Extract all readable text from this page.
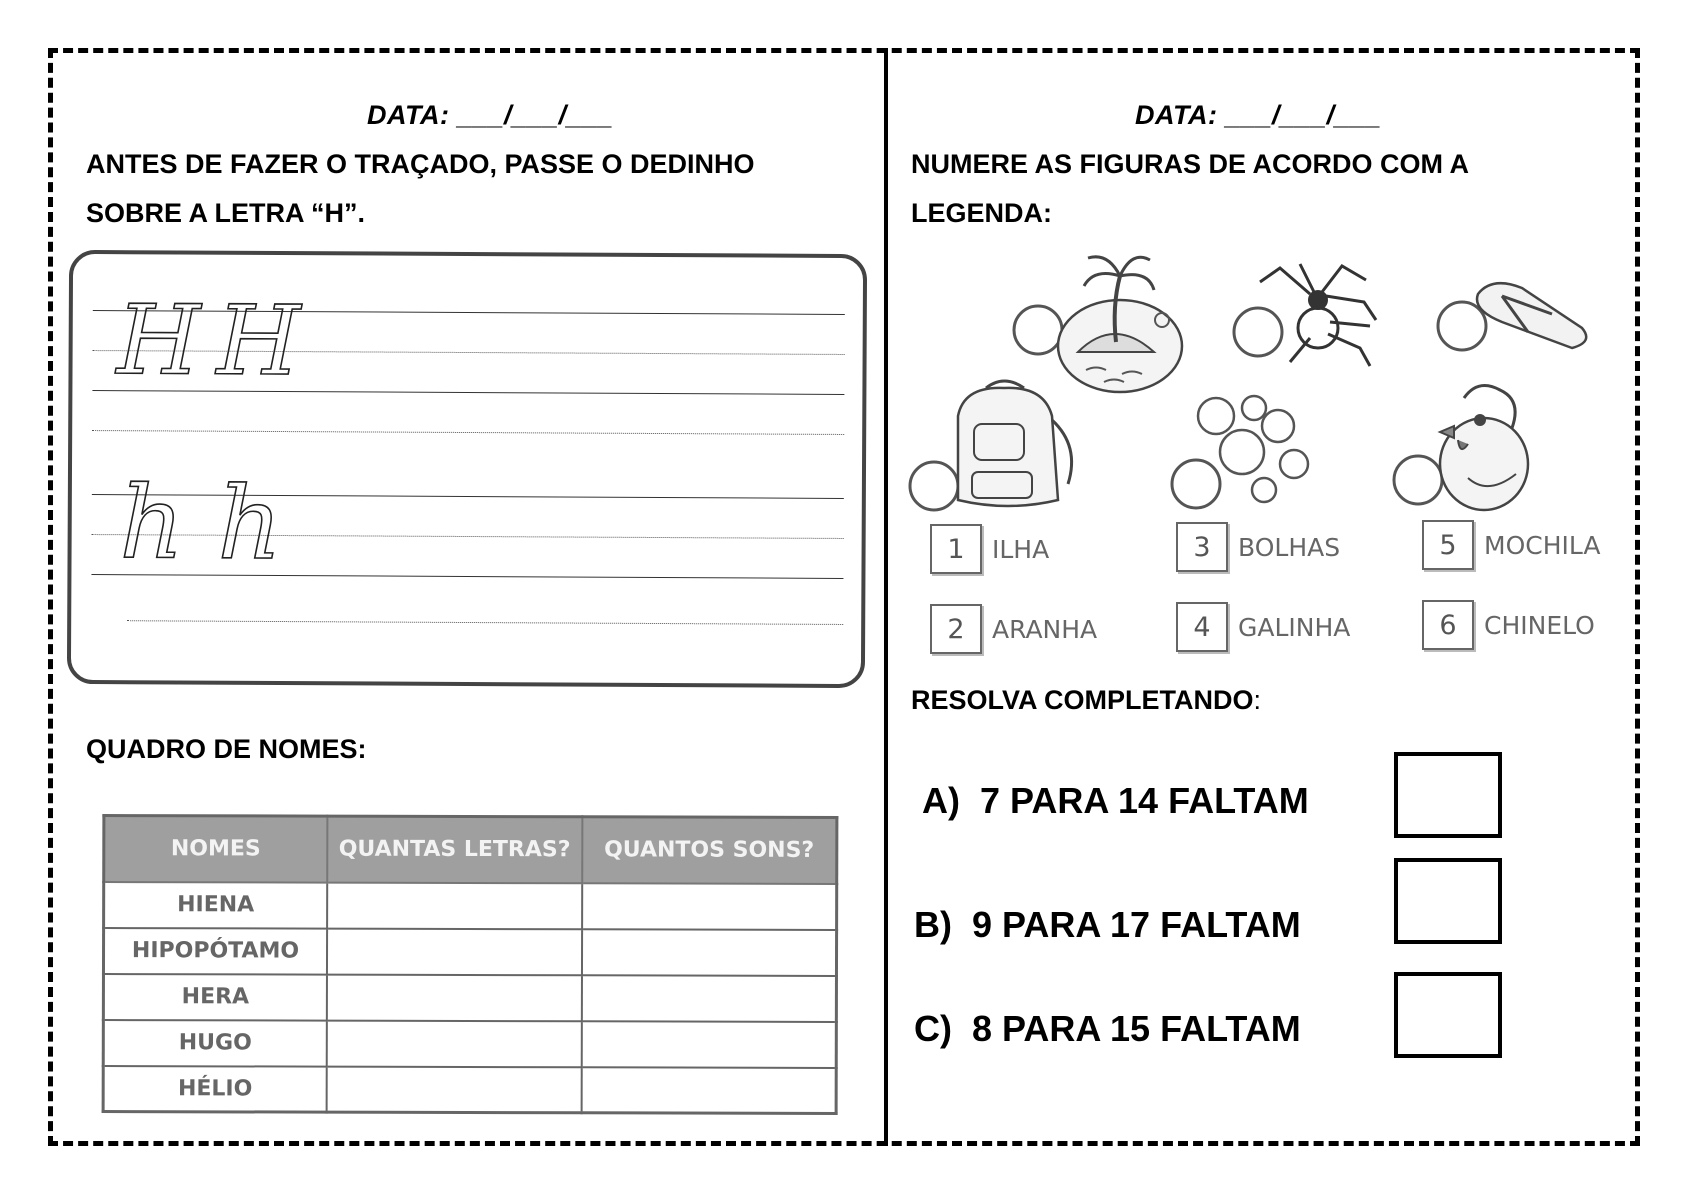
DATA: ___/___/___
ANTES DE FAZER O TRAÇADO, PASSE O DEDINHO
SOBRE A LETRA “H”.
H H
h h
QUADRO DE NOMES:
NOMES	QUANTAS LETRAS?	QUANTOS SONS?
HIENA		
HIPOPÓTAMO		
HERA		
HUGO		
HÉLIO		
DATA: ___/___/___
NUMERE AS FIGURAS DE ACORDO COM A
LEGENDA:
1	ILHA
2	ARANHA
3	BOLHAS
4	GALINHA
5	MOCHILA
6	CHINELO
RESOLVA COMPLETANDO:
A) 7 PARA 14 FALTAM
B) 9 PARA 17 FALTAM
C) 8 PARA 15 FALTAM
